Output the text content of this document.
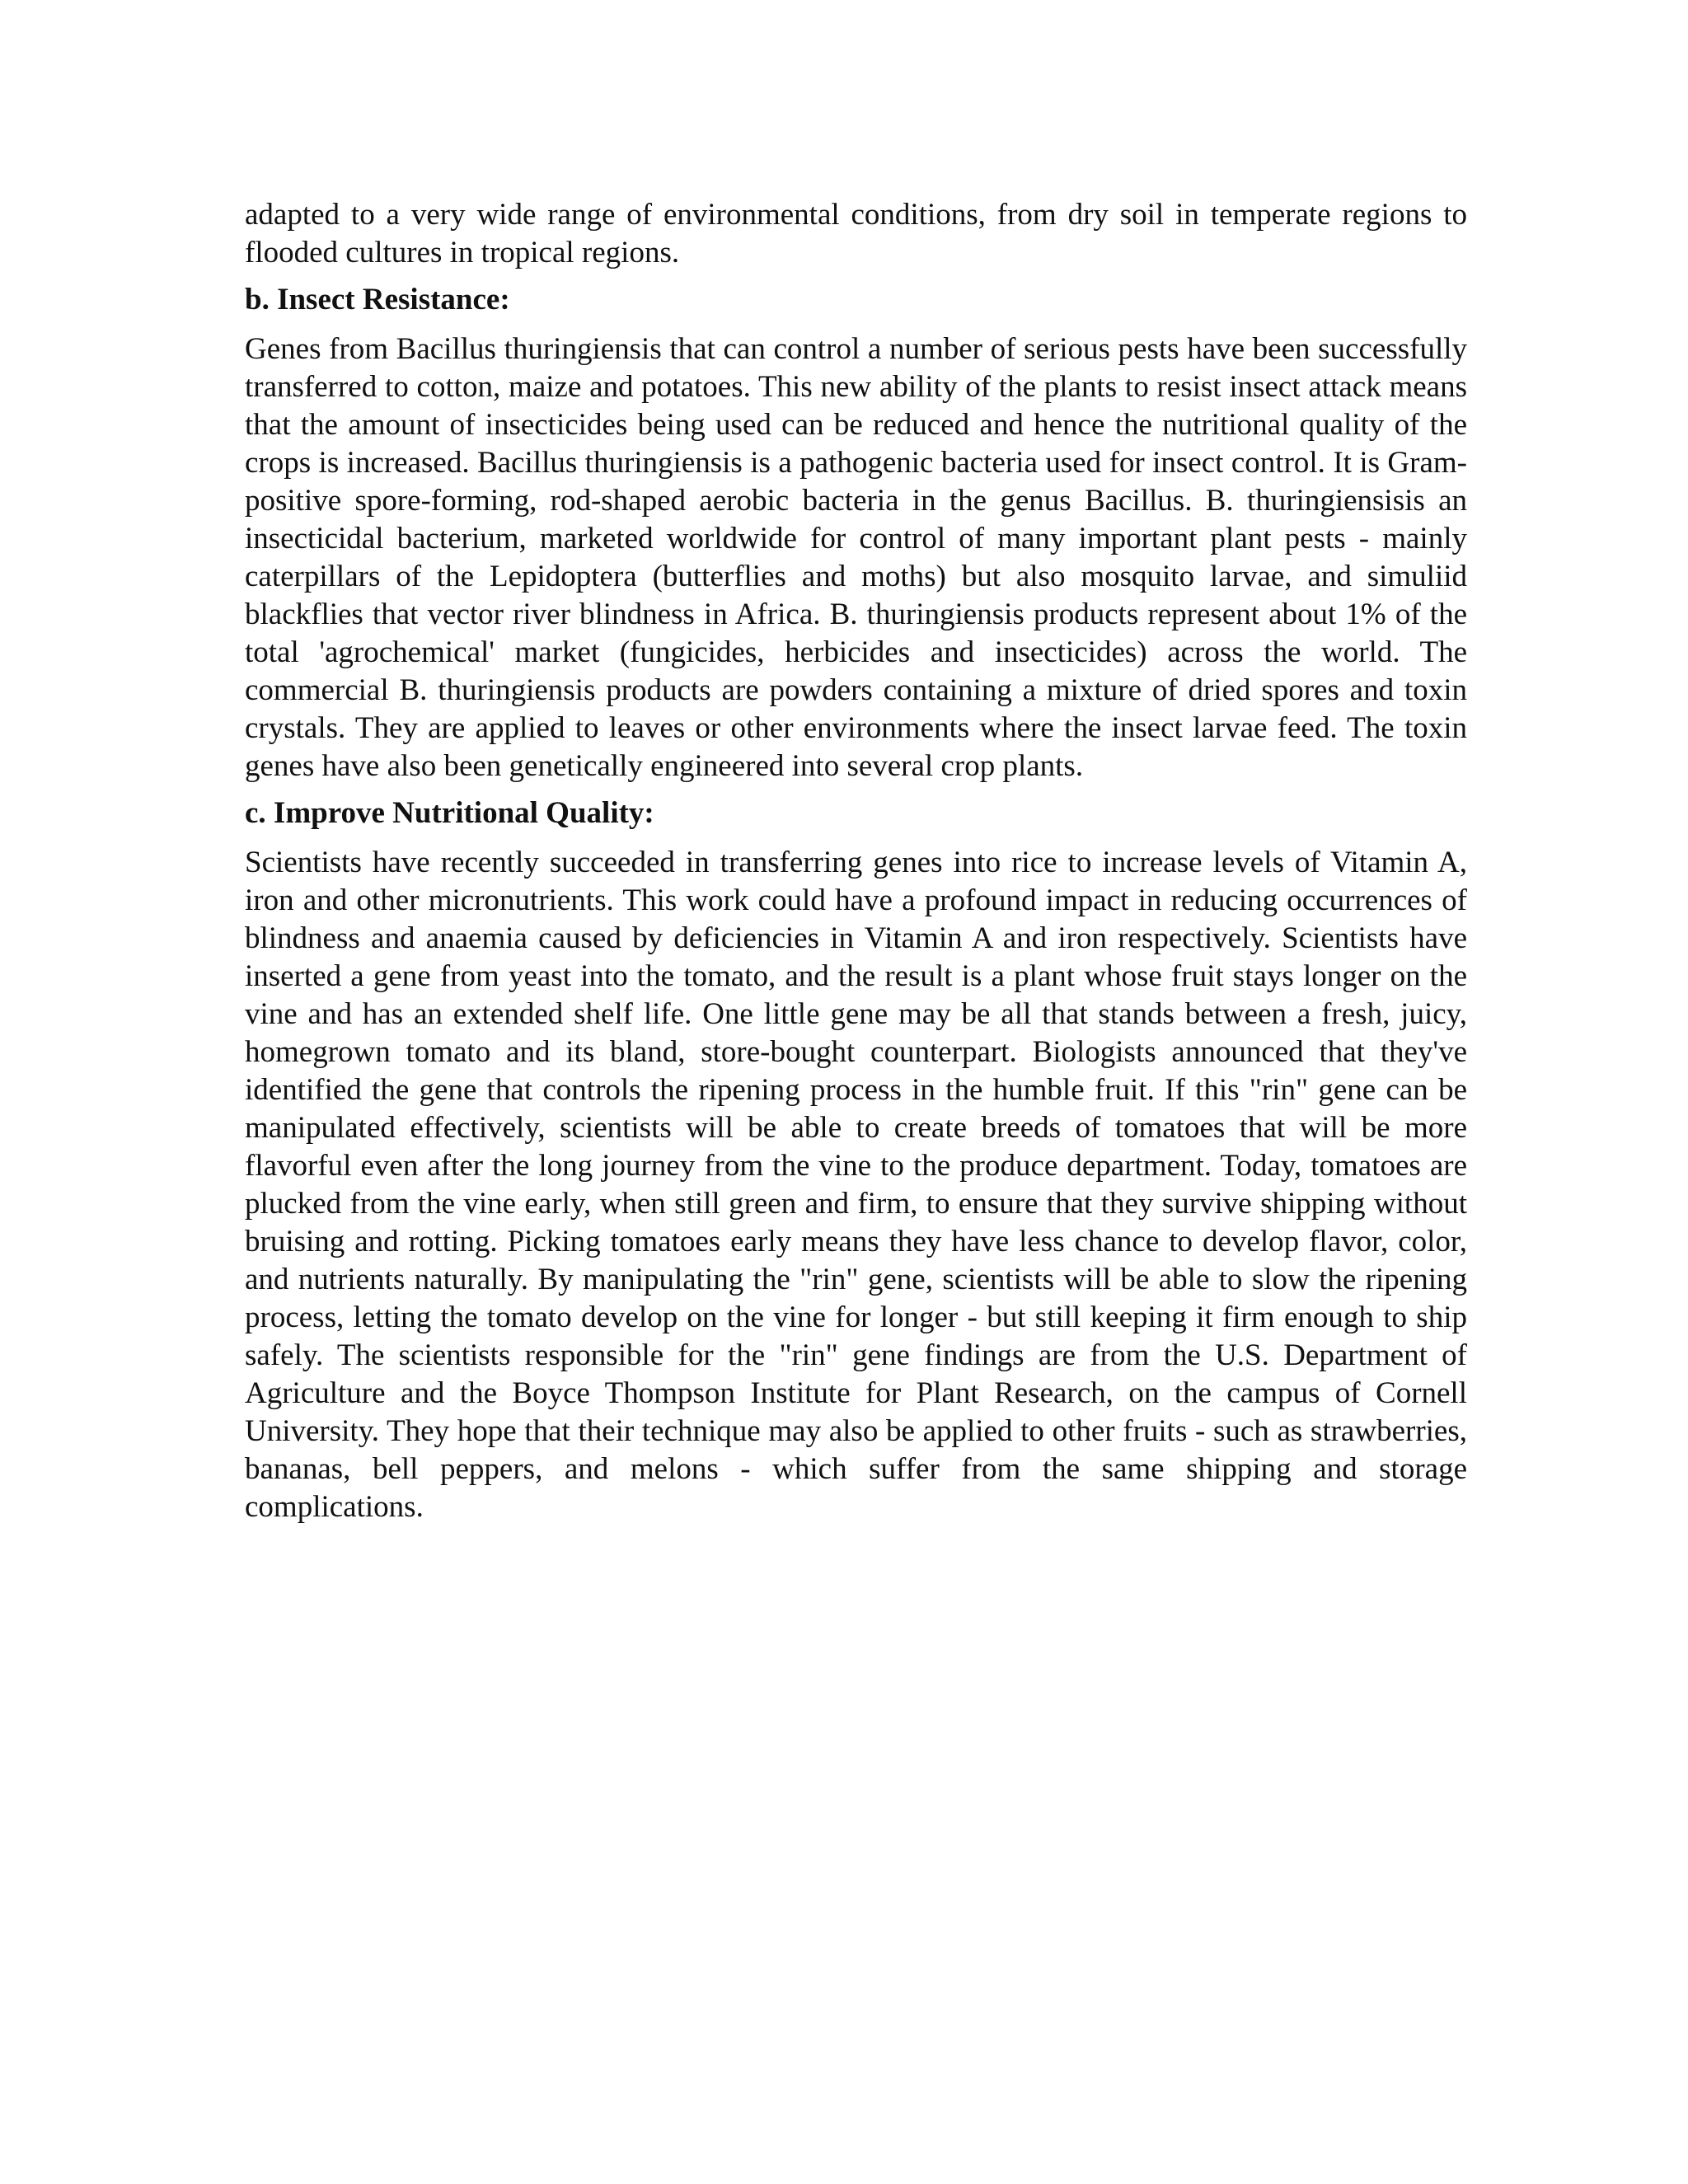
adapted to a very wide range of environmental conditions, from dry soil in temperate regions to flooded cultures in tropical regions.

b. Insect Resistance:

Genes from Bacillus thuringiensis that can control a number of serious pests have been successfully transferred to cotton, maize and potatoes. This new ability of the plants to resist insect attack means that the amount of insecticides being used can be reduced and hence the nutritional quality of the crops is increased. Bacillus thuringiensis is a pathogenic bacteria used for insect control. It is Gram-positive spore-forming, rod-shaped aerobic bacteria in the genus Bacillus. B. thuringiensisis an insecticidal bacterium, marketed worldwide for control of many important plant pests - mainly caterpillars of the Lepidoptera (butterflies and moths) but also mosquito larvae, and simuliid blackflies that vector river blindness in Africa. B. thuringiensis products represent about 1% of the total 'agrochemical' market (fungicides, herbicides and insecticides) across the world. The commercial B. thuringiensis products are powders containing a mixture of dried spores and toxin crystals. They are applied to leaves or other environments where the insect larvae feed. The toxin genes have also been genetically engineered into several crop plants.

c. Improve Nutritional Quality:

Scientists have recently succeeded in transferring genes into rice to increase levels of Vitamin A, iron and other micronutrients. This work could have a profound impact in reducing occurrences of blindness and anaemia caused by deficiencies in Vitamin A and iron respectively. Scientists have inserted a gene from yeast into the tomato, and the result is a plant whose fruit stays longer on the vine and has an extended shelf life. One little gene may be all that stands between a fresh, juicy, homegrown tomato and its bland, store-bought counterpart. Biologists announced that they've identified the gene that controls the ripening process in the humble fruit. If this "rin" gene can be manipulated effectively, scientists will be able to create breeds of tomatoes that will be more flavorful even after the long journey from the vine to the produce department. Today, tomatoes are plucked from the vine early, when still green and firm, to ensure that they survive shipping without bruising and rotting. Picking tomatoes early means they have less chance to develop flavor, color, and nutrients naturally. By manipulating the "rin" gene, scientists will be able to slow the ripening process, letting the tomato develop on the vine for longer - but still keeping it firm enough to ship safely. The scientists responsible for the "rin" gene findings are from the U.S. Department of Agriculture and the Boyce Thompson Institute for Plant Research, on the campus of Cornell University. They hope that their technique may also be applied to other fruits - such as strawberries, bananas, bell peppers, and melons - which suffer from the same shipping and storage complications.
